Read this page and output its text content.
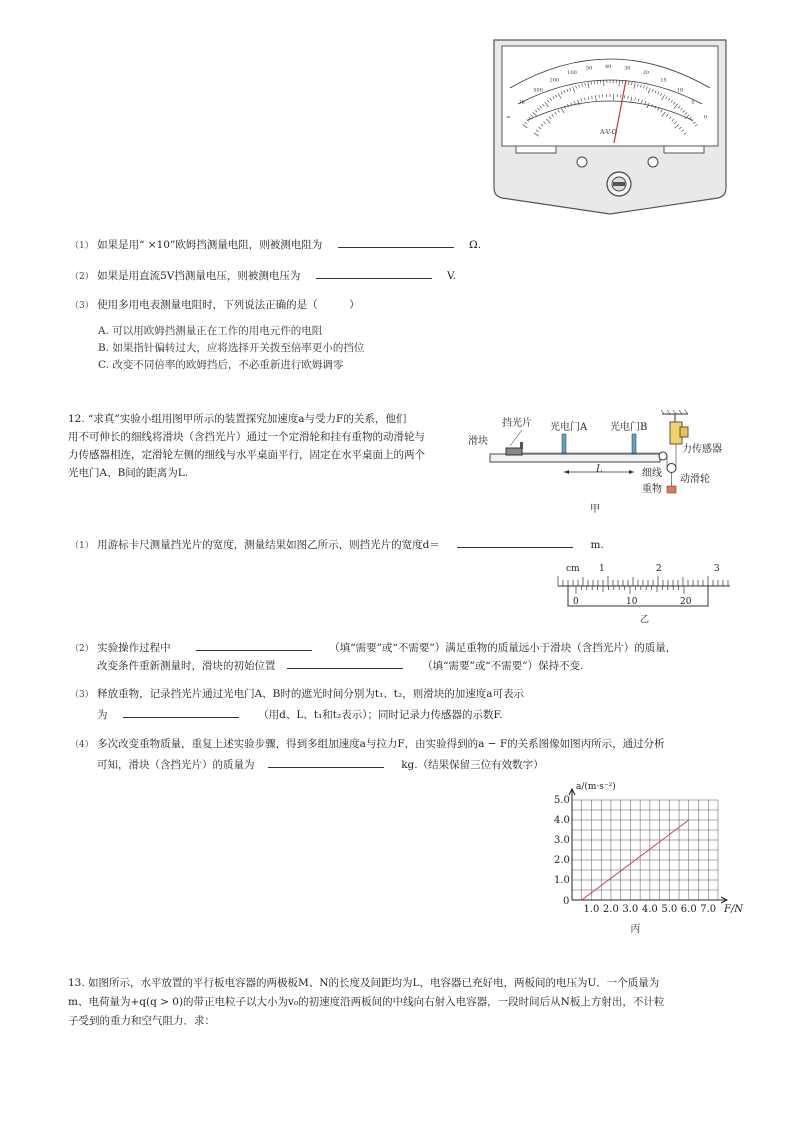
∞
1k
500
200
100
50	40	30
20
15
10
5
0
A-V-Ω
（1） 如果是用“ ×10”欧姆挡测量电阻，则被测电阻为	Ω.
（2） 如果是用直流5V挡测量电压，则被测电压为	V.
（3） 使用多用电表测量电阻时，下列说法正确的是（　　　）
A. 可以用欧姆挡测量正在工作的用电元件的电阻
B. 如果指针偏转过大，应将选择开关拨至倍率更小的挡位
C. 改变不同倍率的欧姆挡后，不必重新进行欧姆调零
12. “求真”实验小组用图甲所示的装置探究加速度a与受力F的关系，他们
用不可伸长的细线将滑块（含挡光片）通过一个定滑轮和挂有重物的动滑轮与
力传感器相连，定滑轮左侧的细线与水平桌面平行，固定在水平桌面上的两个
光电门A、B间的距离为L.
挡光片
滑块
光电门A 光电门B
力传感器
细线
重物
动滑轮
L
甲
（1） 用游标卡尺测量挡光片的宽度，测量结果如图乙所示，则挡光片的宽度d＝	m.
cm 1	2	3
0	10	20
乙
（2） 实验操作过程中	（填“需要”或“不需要”）满足重物的质量远小于滑块（含挡光片）的质量，
改变条件重新测量时，滑块的初始位置	（填“需要”或“不需要”）保持不变.
（3） 释放重物，记录挡光片通过光电门A、B时的遮光时间分别为t₁、t₂，则滑块的加速度a可表示
为	（用d、L、t₁和t₂表示）；同时记录力传感器的示数F.
（4） 多次改变重物质量，重复上述实验步骤，得到多组加速度a与拉力F，由实验得到的a − F的关系图像如图丙所示，通过分析
可知，滑块（含挡光片）的质量为	kg.（结果保留三位有效数字）
1.0 2.0 3.0 4.0 5.0 6.0 7.0
1.0
2.0
3.0
4.0
5.0
0
F/N
a/(m·s⁻²)
丙
13. 如图所示，水平放置的平行板电容器的两极板M、N的长度及间距均为L，电容器已充好电，两板间的电压为U．一个质量为
m、电荷量为+q(q > 0)的带正电粒子以大小为v₀的初速度沿两板间的中线向右射入电容器，一段时间后从N板上方射出，不计粒
子受到的重力和空气阻力．求：
